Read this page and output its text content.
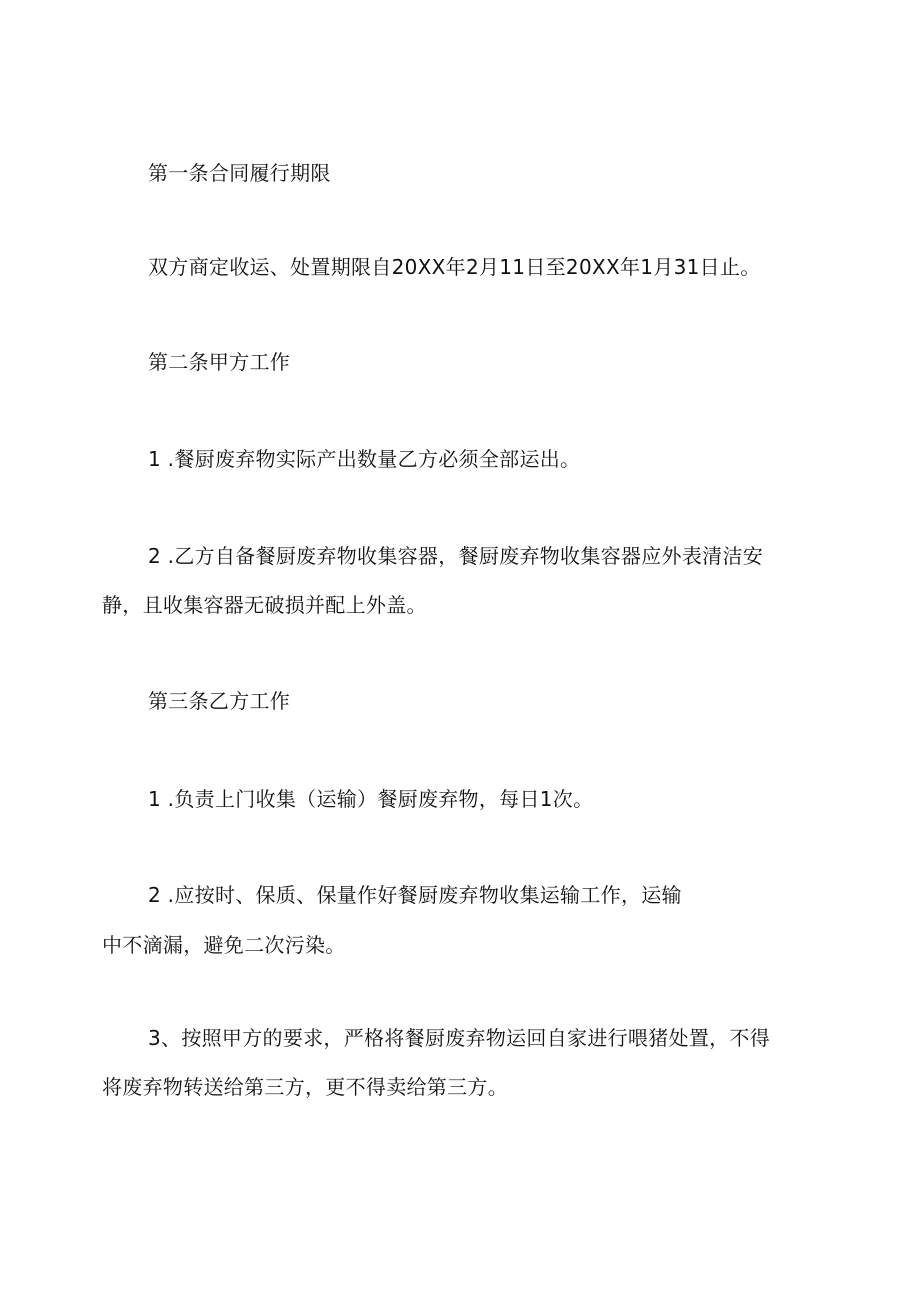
第一条合同履行期限
双方商定收运、处置期限自20XX年2月11日至20XX年1月31日止。
第二条甲方工作
1 .餐厨废弃物实际产出数量乙方必须全部运出。
2 .乙方自备餐厨废弃物收集容器，餐厨废弃物收集容器应外表清洁安
静，且收集容器无破损并配上外盖。
第三条乙方工作
1 .负责上门收集（运输）餐厨废弃物，每日1次。
2 .应按时、保质、保量作好餐厨废弃物收集运输工作，运输
中不滴漏，避免二次污染。
3、按照甲方的要求，严格将餐厨废弃物运回自家进行喂猪处置，不得
将废弃物转送给第三方，更不得卖给第三方。
